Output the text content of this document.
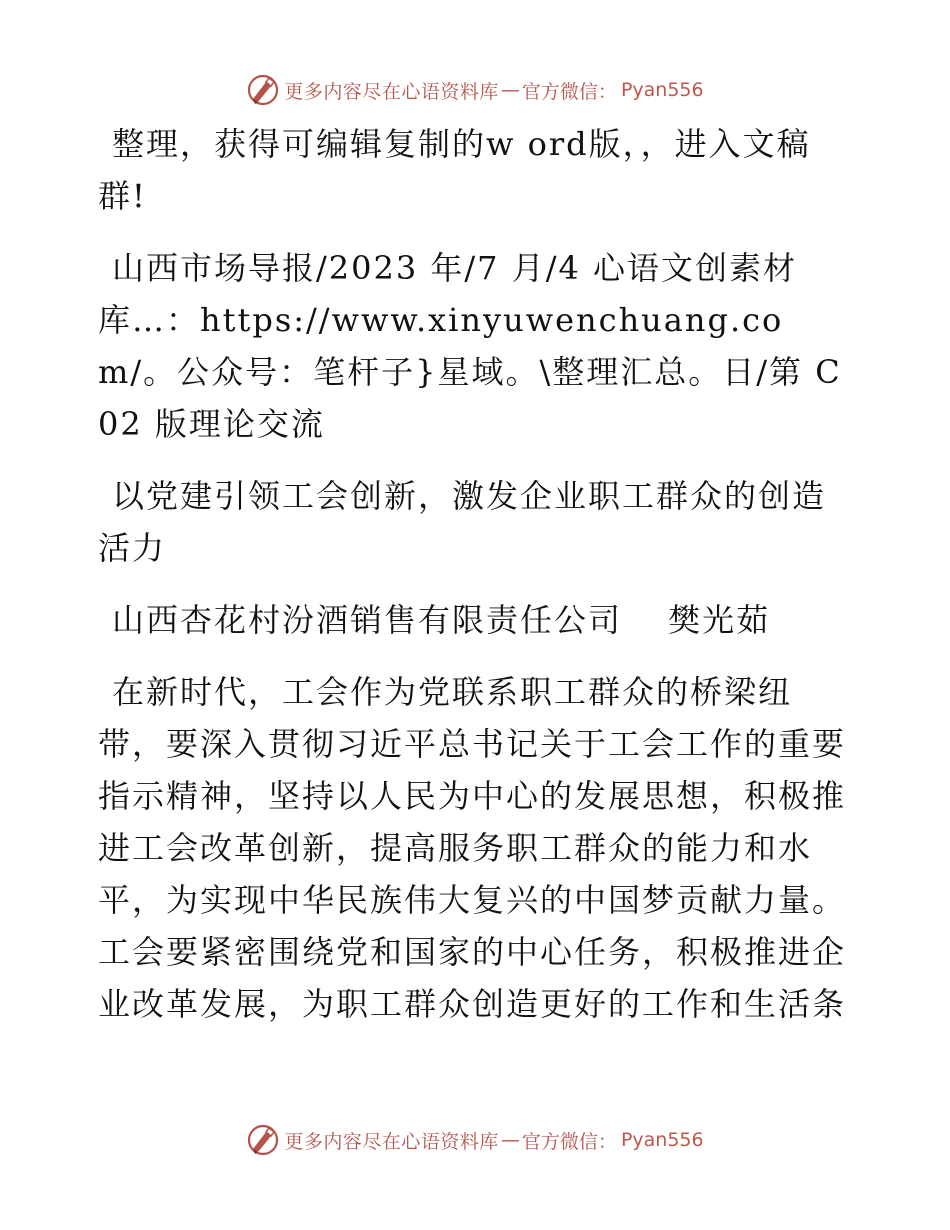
更多内容尽在心语资料库 — 官方微信： Pyan556

整理，获得可编辑复制的w ord版，，进入文稿群!

山西市场导报/2023 年/7 月/4 心语文创素材库…：https://www.xinyuwenchuang.com/。公众号：笔杆子}星域。\整理汇总。日/第 C02 版理论交流

以党建引领工会创新，激发企业职工群众的创造活力

山西杏花村汾酒销售有限责任公司　 樊光茹

在新时代，工会作为党联系职工群众的桥梁纽带，要深入贯彻习近平总书记关于工会工作的重要指示精神，坚持以人民为中心的发展思想，积极推进工会改革创新，提高服务职工群众的能力和水平，为实现中华民族伟大复兴的中国梦贡献力量。工会要紧密围绕党和国家的中心任务，积极推进企业改革发展，为职工群众创造更好的工作和生活条

更多内容尽在心语资料库 — 官方微信： Pyan556
